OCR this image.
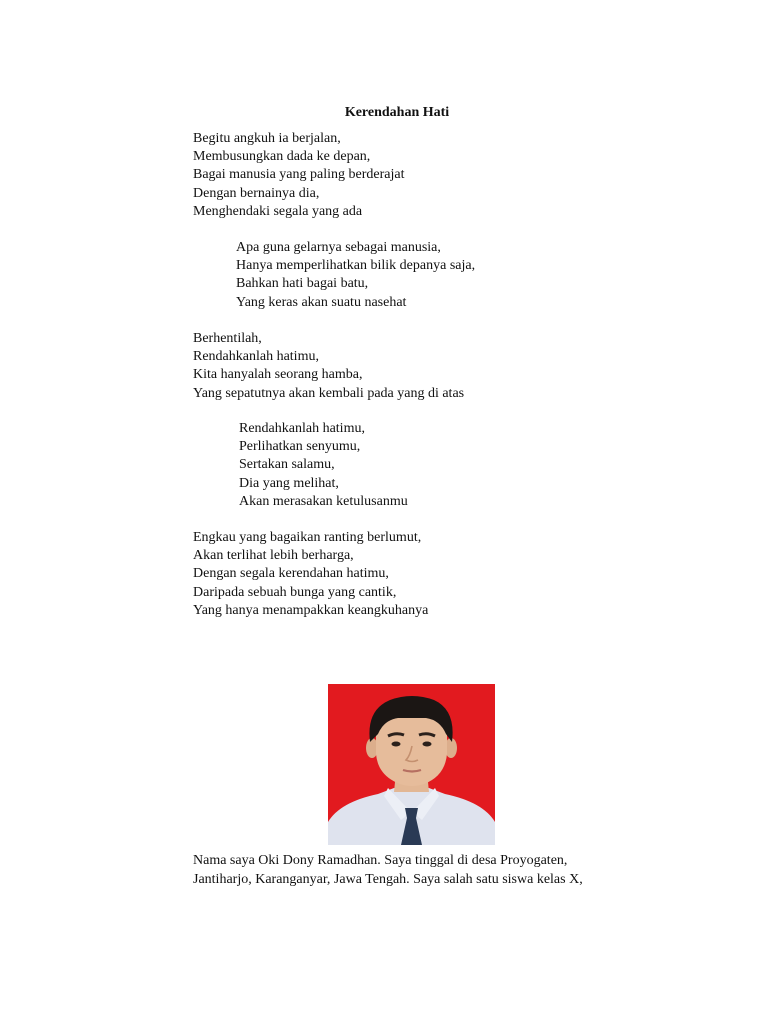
Kerendahan Hati
Begitu angkuh ia berjalan,
Membusungkan dada ke depan,
Bagai manusia yang paling berderajat
Dengan bernainya dia,
Menghendaki segala yang ada
Apa guna gelarnya sebagai manusia,
Hanya memperlihatkan bilik depanya saja,
Bahkan hati bagai batu,
Yang keras akan suatu nasehat
Berhentilah,
Rendahkanlah hatimu,
Kita hanyalah seorang hamba,
Yang sepatutnya akan kembali pada yang di atas
Rendahkanlah hatimu,
Perlihatkan senyumu,
Sertakan salamu,
Dia yang melihat,
Akan merasakan ketulusanmu
Engkau yang bagaikan ranting berlumut,
Akan terlihat lebih berharga,
Dengan segala kerendahan hatimu,
Daripada sebuah bunga yang cantik,
Yang hanya menampakkan keangkuhanya
Nama saya Oki Dony Ramadhan. Saya tinggal di desa Proyogaten,
Jantiharjo, Karanganyar, Jawa Tengah. Saya salah satu siswa kelas X,
